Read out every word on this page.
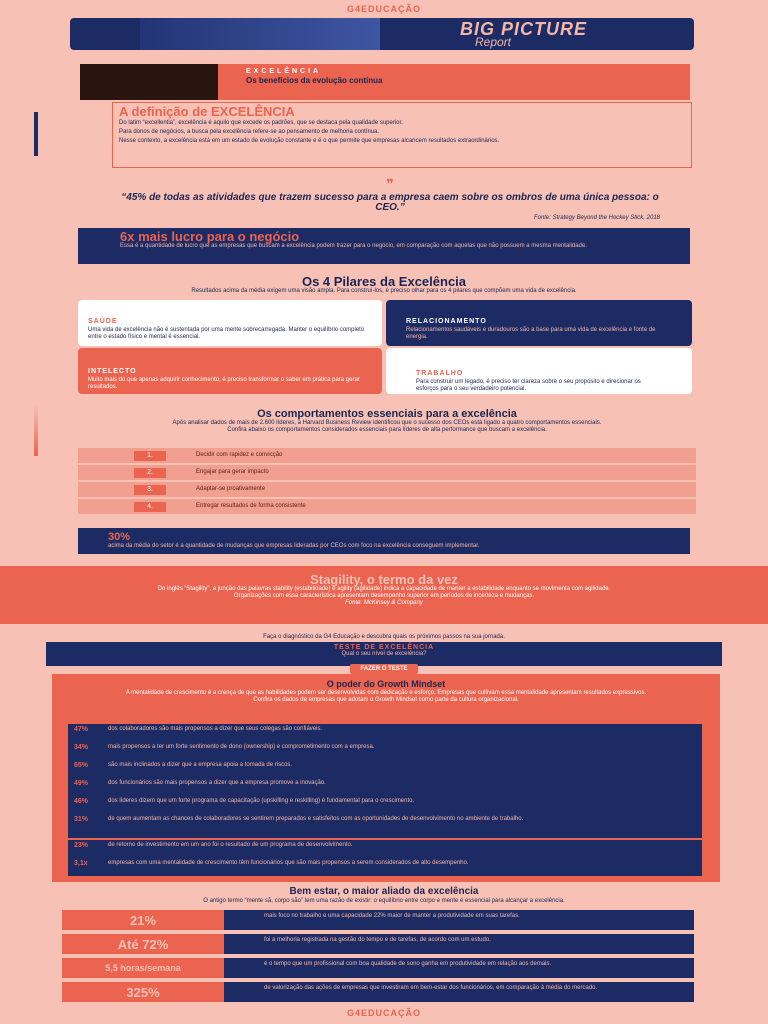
G4EDUCAÇÃO
BIG PICTURE
Report
EXCELÊNCIA
Os benefícios da evolução contínua
A definição de EXCELÊNCIA

Do latim “excellentia”, excelência é aquilo que excede os padrões, que se destaca pela qualidade superior.

Para donos de negócios, a busca pela excelência refere-se ao pensamento de melhoria contínua.

Nesse contexto, a excelência está em um estado de evolução constante e é o que permite que empresas alcancem resultados extraordinários.

❞

“45% de todas as atividades que trazem sucesso para a empresa caem sobre os ombros de uma única pessoa: o CEO.”

Fonte: Strategy Beyond the Hockey Stick, 2018

6x mais lucro para o negócio

Essa é a quantidade de lucro que as empresas que buscam a excelência podem trazer para o negócio, em comparação com aquelas que não possuem a mesma mentalidade.

Os 4 Pilares da Excelência

Resultados acima da média exigem uma visão ampla. Para construí-los, é preciso olhar para os 4 pilares que compõem uma vida de excelência.

SAÚDE

Uma vida de excelência não é sustentada por uma mente sobrecarregada. Manter o equilíbrio completo entre o estado físico e mental é essencial.

RELACIONAMENTO

Relacionamentos saudáveis e duradouros são a base para uma vida de excelência e fonte de energia.

INTELECTO

Muito mais do que apenas adquirir conhecimento, é preciso transformar o saber em prática para gerar resultados.

TRABALHO

Para construir um legado, é preciso ter clareza sobre o seu propósito e direcionar os esforços para o seu verdadeiro potencial.

Os comportamentos essenciais para a excelência

Após analisar dados de mais de 2.600 líderes, a Harvard Business Review identificou que o sucesso dos CEOs está ligado a quatro comportamentos essenciais.

Confira abaixo os comportamentos considerados essenciais para líderes de alta performance que buscam a excelência.

1.	Decidir com rapidez e convicção
2.	Engajar para gerar impacto
3.	Adaptar-se proativamente
4.	Entregar resultados de forma consistente
30%

acima da média do setor é a quantidade de mudanças que empresas lideradas por CEOs com foco na excelência conseguem implementar.

Stagility, o termo da vez

Do inglês “Stagility”, a junção das palavras stability (estabilidade) e agility (agilidade) indica a capacidade de manter a estabilidade enquanto se movimenta com agilidade.

Organizações com essa característica apresentam desempenho superior em períodos de incerteza e mudanças.

Fonte: McKinsey & Company

Faça o diagnóstico da G4 Educação e descubra quais os próximos passos na sua jornada.
TESTE DE EXCELÊNCIA
Qual o seu nível de excelência?
FAZER O TESTE
O poder do Growth Mindset

A mentalidade de crescimento é a crença de que as habilidades podem ser desenvolvidas com dedicação e esforço. Empresas que cultivam essa mentalidade apresentam resultados expressivos.

Confira os dados de empresas que adotam o Growth Mindset como parte da cultura organizacional.

47%	dos colaboradores são mais propensos a dizer que seus colegas são confiáveis.
34%	mais propensos a ter um forte sentimento de dono (ownership) e comprometimento com a empresa.
65%	são mais inclinados a dizer que a empresa apoia a tomada de riscos.
49%	dos funcionários são mais propensos a dizer que a empresa promove a inovação.
46%	dos líderes dizem que um forte programa de capacitação (upskilling e reskilling) é fundamental para o crescimento.
31%	de quem aumentam as chances de colaboradores se sentirem preparados e satisfeitos com as oportunidades de desenvolvimento no ambiente de trabalho.
23%	de retorno de investimento em um ano foi o resultado de um programa de desenvolvimento.
3,1x	empresas com uma mentalidade de crescimento têm funcionários que são mais propensos a serem considerados de alto desempenho.
Bem estar, o maior aliado da excelência

O antigo termo “mente sã, corpo são” tem uma razão de existir: o equilíbrio entre corpo e mente é essencial para alcançar a excelência.

21%	mais foco no trabalho e uma capacidade 22% maior de manter a produtividade em suas tarefas.
Até 72%	foi a melhoria registrada na gestão do tempo e de tarefas, de acordo com um estudo.
5,5 horas/semana	é o tempo que um profissional com boa qualidade de sono ganha em produtividade em relação aos demais.
325%	de valorização das ações de empresas que investiram em bem-estar dos funcionários, em comparação à média do mercado.
G4EDUCAÇÃO
